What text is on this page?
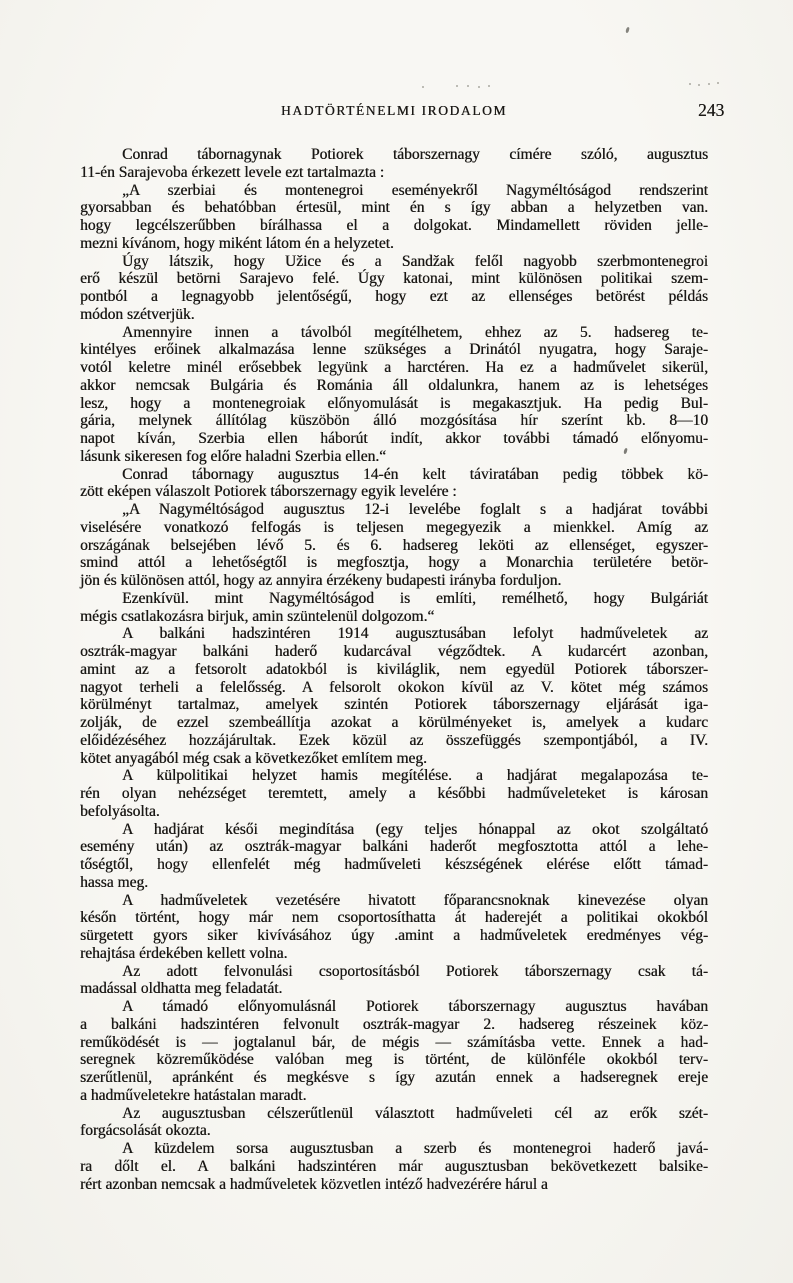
HADTÖRTÉNELMI IRODALOM	243
Conrad tábornagynak Potiorek táborszernagy címére szóló, augusztus
11-én Sarajevoba érkezett levele ezt tartalmazta :
„A szerbiai és montenegroi eseményekről Nagyméltóságod rendszerint
gyorsabban és behatóbban értesül, mint én s így abban a helyzetben van.
hogy legcélszerűbben bírálhassa el a dolgokat. Mindamellett röviden jelle-
mezni kívánom, hogy miként látom én a helyzetet.
Úgy látszik, hogy Užice és a Sandžak felől nagyobb szerbmontenegroi
erő készül betörni Sarajevo felé. Úgy katonai, mint különösen politikai szem-
pontból a legnagyobb jelentőségű, hogy ezt az ellenséges betörést példás
módon szétverjük.
Amennyire innen a távolból megítélhetem, ehhez az 5. hadsereg te-
kintélyes erőinek alkalmazása lenne szükséges a Drinától nyugatra, hogy Saraje-
votól keletre minél erősebbek legyünk a harctéren. Ha ez a hadművelet sikerül,
akkor nemcsak Bulgária és Románia áll oldalunkra, hanem az is lehetséges
lesz, hogy a montenegroiak előnyomulását is megakasztjuk. Ha pedig Bul-
gária, melynek állítólag küszöbön álló mozgósítása hír szerínt kb. 8—10
napot kíván, Szerbia ellen háborút indít, akkor további támadó előnyomu-
lásunk sikeresen fog előre haladni Szerbia ellen.“
Conrad tábornagy augusztus 14-én kelt táviratában pedig többek kö-
zött eképen válaszolt Potiorek táborszernagy egyik levelére :
„A Nagyméltóságod augusztus 12-i levelébe foglalt s a hadjárat további
viselésére vonatkozó felfogás is teljesen megegyezik a mienkkel. Amíg az
országának belsejében lévő 5. és 6. hadsereg leköti az ellenséget, egyszer-
smind attól a lehetőségtől is megfosztja, hogy a Monarchia területére betör-
jön és különösen attól, hogy az annyira érzékeny budapesti irányba forduljon.
Ezenkívül. mint Nagyméltóságod is említi, remélhető, hogy Bulgáriát
mégis csatlakozásra birjuk, amin szüntelenül dolgozom.“
A balkáni hadszintéren 1914 augusztusában lefolyt hadműveletek az
osztrák-magyar balkáni haderő kudarcával végződtek. A kudarcért azonban,
amint az a fetsorolt adatokból is kiviláglik, nem egyedül Potiorek táborszer-
nagyot terheli a felelősség. A felsorolt okokon kívül az V. kötet még számos
körülményt tartalmaz, amelyek szintén Potiorek táborszernagy eljárását iga-
zolják, de ezzel szembeállítja azokat a körülményeket is, amelyek a kudarc
előidézéséhez hozzájárultak. Ezek közül az összefüggés szempontjából, a IV.
kötet anyagából még csak a következőket említem meg.
A külpolitikai helyzet hamis megítélése. a hadjárat megalapozása te-
rén olyan nehézséget teremtett, amely a későbbi hadműveleteket is károsan
befolyásolta.
A hadjárat késői megindítása (egy teljes hónappal az okot szolgáltató
esemény után) az osztrák-magyar balkáni haderőt megfosztotta attól a lehe-
tőségtől, hogy ellenfelét még hadműveleti készségének elérése előtt támad-
hassa meg.
A hadműveletek vezetésére hivatott főparancsnoknak kinevezése olyan
későn történt, hogy már nem csoportosíthatta át haderejét a politikai okokból
sürgetett gyors siker kivívásához úgy .amint a hadműveletek eredményes vég-
rehajtása érdekében kellett volna.
Az adott felvonulási csoportosításból Potiorek táborszernagy csak tá-
madással oldhatta meg feladatát.
A támadó előnyomulásnál Potiorek táborszernagy augusztus havában
a balkáni hadszintéren felvonult osztrák-magyar 2. hadsereg részeinek köz-
reműködését is — jogtalanul bár, de mégis — számításba vette. Ennek a had-
seregnek közreműködése valóban meg is történt, de különféle okokból terv-
szerűtlenül, apránként és megkésve s így azután ennek a hadseregnek ereje
a hadműveletekre hatástalan maradt.
Az augusztusban célszerűtlenül választott hadműveleti cél az erők szét-
forgácsolását okozta.
A küzdelem sorsa augusztusban a szerb és montenegroi haderő javá-
ra dőlt el. A balkáni hadszintéren már augusztusban bekövetkezett balsike-
rért azonban nemcsak a hadműveletek közvetlen intéző hadvezérére hárul a
